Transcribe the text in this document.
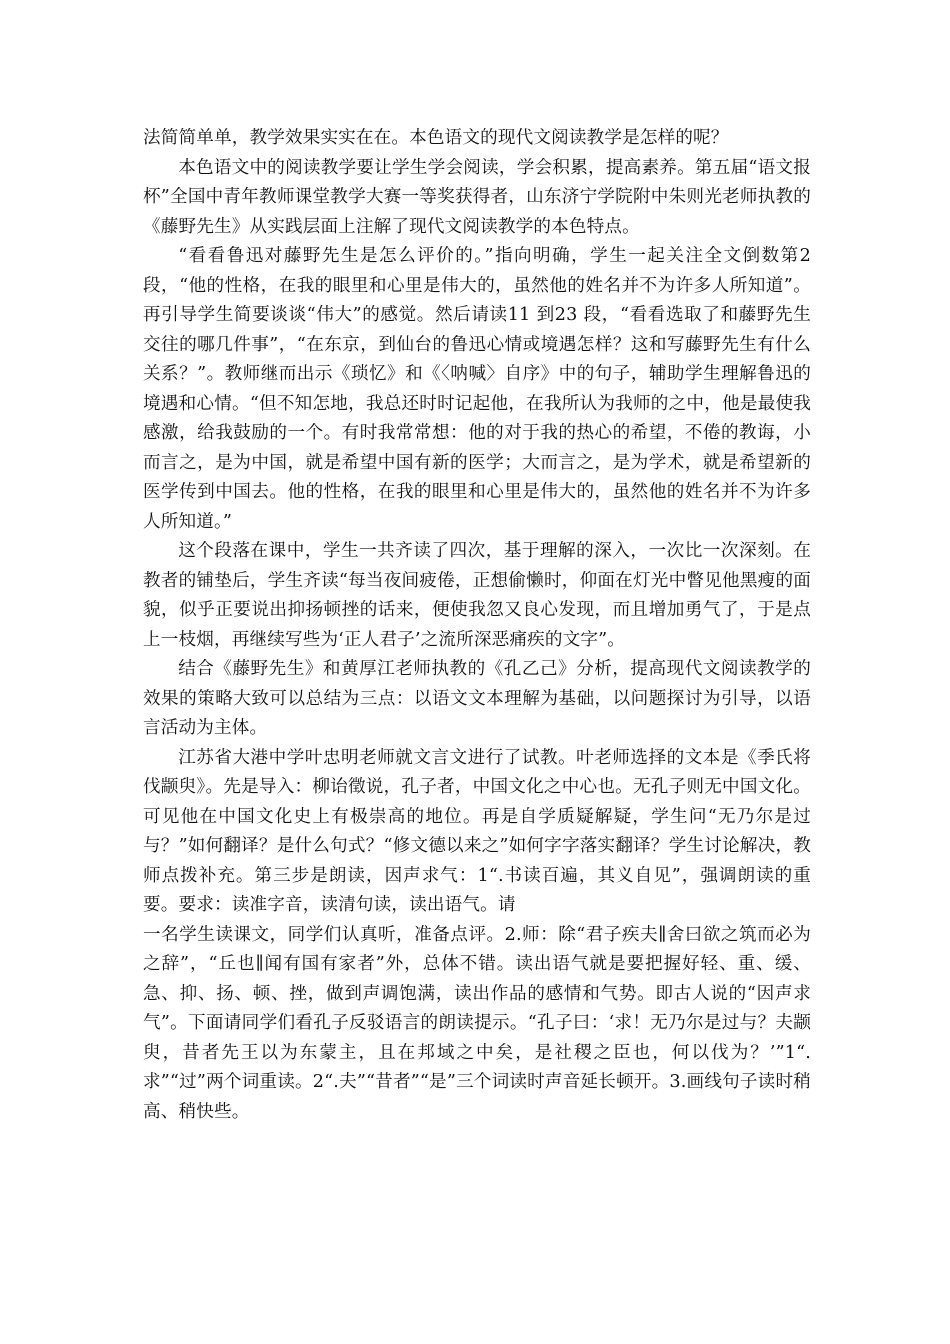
法简简单单，教学效果实实在在。本色语文的现代文阅读教学是怎样的呢？

本色语文中的阅读教学要让学生学会阅读，学会积累，提高素养。第五届“语文报杯”全国中青年教师课堂教学大赛一等奖获得者，山东济宁学院附中朱则光老师执教的《藤野先生》从实践层面上注解了现代文阅读教学的本色特点。

“看看鲁迅对藤野先生是怎么评价的。”指向明确，学生一起关注全文倒数第2 段，“他的性格，在我的眼里和心里是伟大的，虽然他的姓名并不为许多人所知道”。再引导学生简要谈谈“伟大”的感觉。然后请读11 到23 段，“看看选取了和藤野先生交往的哪几件事”，“在东京，到仙台的鲁迅心情或境遇怎样？这和写藤野先生有什么关系？”。教师继而出示《琐忆》和《〈呐喊〉自序》中的句子，辅助学生理解鲁迅的境遇和心情。“但不知怎地，我总还时时记起他，在我所认为我师的之中，他是最使我感激，给我鼓励的一个。有时我常常想：他的对于我的热心的希望，不倦的教诲，小而言之，是为中国，就是希望中国有新的医学；大而言之，是为学术，就是希望新的医学传到中国去。他的性格，在我的眼里和心里是伟大的，虽然他的姓名并不为许多人所知道。”

这个段落在课中，学生一共齐读了四次，基于理解的深入，一次比一次深刻。在教者的铺垫后，学生齐读“每当夜间疲倦，正想偷懒时，仰面在灯光中瞥见他黑瘦的面貌，似乎正要说出抑扬顿挫的话来，便使我忽又良心发现，而且增加勇气了，于是点上一枝烟，再继续写些为‘正人君子’之流所深恶痛疾的文字”。

结合《藤野先生》和黄厚江老师执教的《孔乙己》分析，提高现代文阅读教学的效果的策略大致可以总结为三点：以语文文本理解为基础，以问题探讨为引导，以语言活动为主体。

江苏省大港中学叶忠明老师就文言文进行了试教。叶老师选择的文本是《季氏将伐颛臾》。先是导入：柳诒徵说，孔子者，中国文化之中心也。无孔子则无中国文化。可见他在中国文化史上有极崇高的地位。再是自学质疑解疑，学生问“无乃尔是过与？”如何翻译？是什么句式？“修文德以来之”如何字字落实翻译？学生讨论解决，教师点拨补充。第三步是朗读，因声求气：1“.书读百遍，其义自见”，强调朗读的重要。要求：读准字音，读清句读，读出语气。请

一名学生读课文，同学们认真听，准备点评。2.师：除“君子疾夫∥舍曰欲之筑而必为之辞”，“丘也∥闻有国有家者”外，总体不错。读出语气就是要把握好轻、重、缓、急、抑、扬、顿、挫，做到声调饱满，读出作品的感情和气势。即古人说的“因声求气”。下面请同学们看孔子反驳语言的朗读提示。“孔子曰：‘求！无乃尔是过与？夫颛臾，昔者先王以为东蒙主，且在邦域之中矣，是社稷之臣也，何以伐为？’”1“.求”“过”两个词重读。2“.夫”“昔者”“是”三个词读时声音延长顿开。3.画线句子读时稍高、稍快些。
